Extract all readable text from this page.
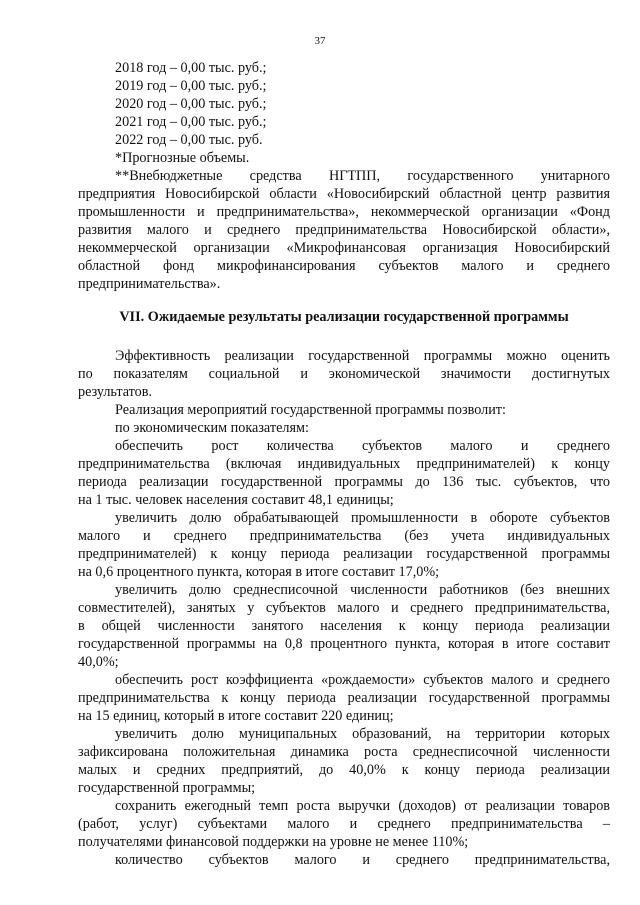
37
2018 год – 0,00 тыс. руб.;
2019 год – 0,00 тыс. руб.;
2020 год – 0,00 тыс. руб.;
2021 год – 0,00 тыс. руб.;
2022 год – 0,00 тыс. руб.
*Прогнозные объемы.
**Внебюджетные средства НГТПП, государственного унитарного
предприятия Новосибирской области «Новосибирский областной центр развития
промышленности и предпринимательства», некоммерческой организации «Фонд
развития малого и среднего предпринимательства Новосибирской области»,
некоммерческой организации «Микрофинансовая организация Новосибирский
областной фонд микрофинансирования субъектов малого и среднего
предпринимательства».
VII. Ожидаемые результаты реализации государственной программы
Эффективность реализации государственной программы можно оценить
по показателям социальной и экономической значимости достигнутых
результатов.
Реализация мероприятий государственной программы позволит:
по экономическим показателям:
обеспечить рост количества субъектов малого и среднего
предпринимательства (включая индивидуальных предпринимателей) к концу
периода реализации государственной программы до 136 тыс. субъектов, что
на 1 тыс. человек населения составит 48,1 единицы;
увеличить долю обрабатывающей промышленности в обороте субъектов
малого и среднего предпринимательства (без учета индивидуальных
предпринимателей) к концу периода реализации государственной программы
на 0,6 процентного пункта, которая в итоге составит 17,0%;
увеличить долю среднесписочной численности работников (без внешних
совместителей), занятых у субъектов малого и среднего предпринимательства,
в общей численности занятого населения к концу периода реализации
государственной программы на 0,8 процентного пункта, которая в итоге составит
40,0%;
обеспечить рост коэффициента «рождаемости» субъектов малого и среднего
предпринимательства к концу периода реализации государственной программы
на 15 единиц, который в итоге составит 220 единиц;
увеличить долю муниципальных образований, на территории которых
зафиксирована положительная динамика роста среднесписочной численности
малых и средних предприятий, до 40,0% к концу периода реализации
государственной программы;
сохранить ежегодный темп роста выручки (доходов) от реализации товаров
(работ, услуг) субъектами малого и среднего предпринимательства –
получателями финансовой поддержки на уровне не менее 110%;
количество субъектов малого и среднего предпринимательства,
